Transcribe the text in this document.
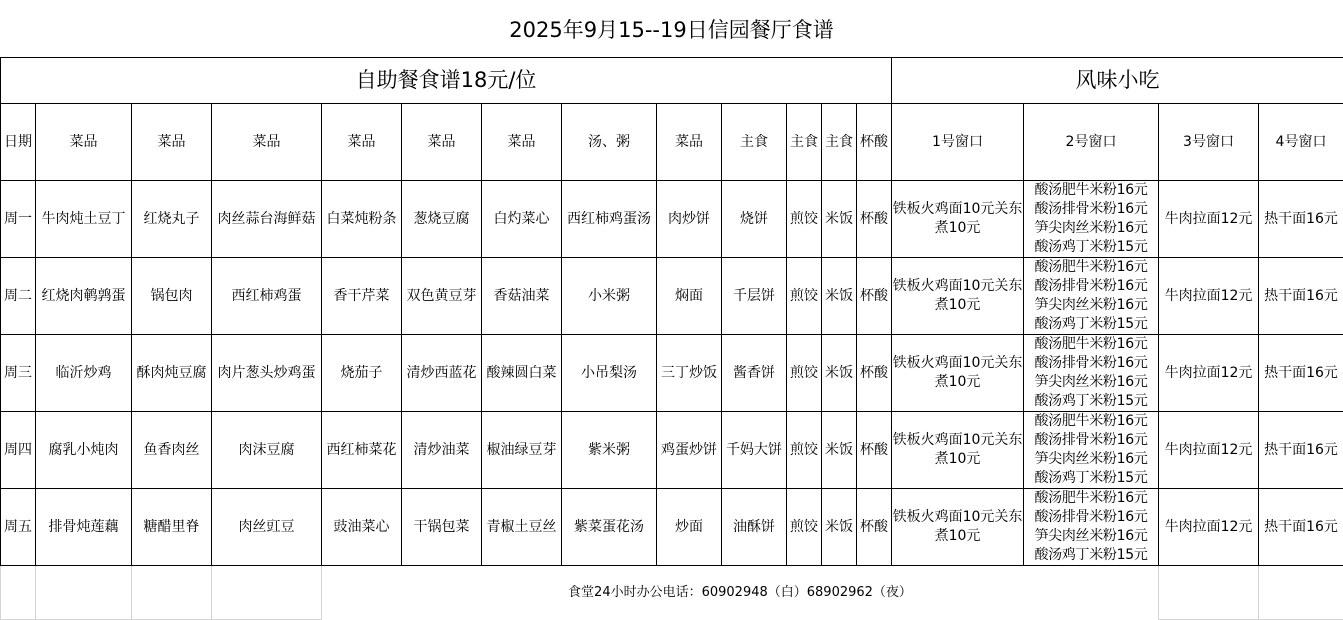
2025年9月15--19日信园餐厅食谱
自助餐食谱18元/位													风味小吃			
日期	菜品	菜品	菜品	菜品	菜品	菜品	汤、粥	菜品	主食	主食	主食	杯酸	1号窗口	2号窗口	3号窗口	4号窗口
周一	牛肉炖土豆丁	红烧丸子	肉丝蒜台海鲜菇	白菜炖粉条	葱烧豆腐	白灼菜心	西红柿鸡蛋汤	肉炒饼	烧饼	煎饺	米饭	杯酸	铁板火鸡面10元关东煮10元	酸汤肥牛米粉16元
酸汤排骨米粉16元
笋尖肉丝米粉16元
酸汤鸡丁米粉15元	牛肉拉面12元	热干面16元
周二	红烧肉鹌鹑蛋	锅包肉	西红柿鸡蛋	香干芹菜	双色黄豆芽	香菇油菜	小米粥	焖面	千层饼	煎饺	米饭	杯酸	铁板火鸡面10元关东煮10元	酸汤肥牛米粉16元
酸汤排骨米粉16元
笋尖肉丝米粉16元
酸汤鸡丁米粉15元	牛肉拉面12元	热干面16元
周三	临沂炒鸡	酥肉炖豆腐	肉片葱头炒鸡蛋	烧茄子	清炒西蓝花	酸辣圆白菜	小吊梨汤	三丁炒饭	酱香饼	煎饺	米饭	杯酸	铁板火鸡面10元关东煮10元	酸汤肥牛米粉16元
酸汤排骨米粉16元
笋尖肉丝米粉16元
酸汤鸡丁米粉15元	牛肉拉面12元	热干面16元
周四	腐乳小炖肉	鱼香肉丝	肉沫豆腐	西红柿菜花	清炒油菜	椒油绿豆芽	紫米粥	鸡蛋炒饼	千妈大饼	煎饺	米饭	杯酸	铁板火鸡面10元关东煮10元	酸汤肥牛米粉16元
酸汤排骨米粉16元
笋尖肉丝米粉16元
酸汤鸡丁米粉15元	牛肉拉面12元	热干面16元
周五	排骨炖莲藕	糖醋里脊	肉丝豇豆	豉油菜心	干锅包菜	青椒土豆丝	紫菜蛋花汤	炒面	油酥饼	煎饺	米饭	杯酸	铁板火鸡面10元关东煮10元	酸汤肥牛米粉16元
酸汤排骨米粉16元
笋尖肉丝米粉16元
酸汤鸡丁米粉15元	牛肉拉面12元	热干面16元
				食堂24小时办公电话：60902948（白）68902962（夜）												
